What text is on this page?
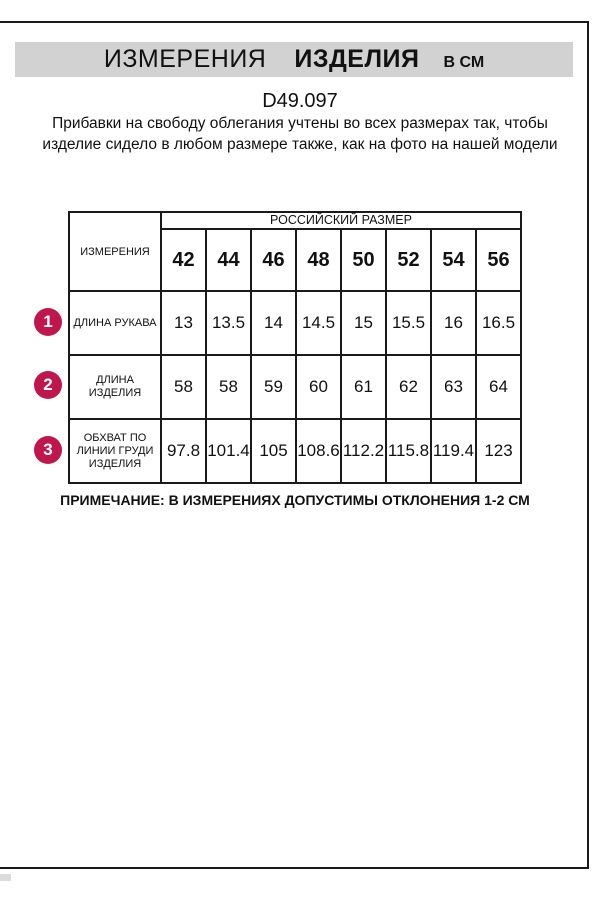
ИЗМЕРЕНИЯ ИЗДЕЛИЯ В СМ
D49.097
Прибавки на свободу облегания учтены во всех размерах так, чтобы изделие сидело в любом размере также, как на фото на нашей модели
ИЗМЕРЕНИЯ	РОССИЙСКИЙ РАЗМЕР							
	42	44	46	48	50	52	54	56
ДЛИНА РУКАВА	13	13.5	14	14.5	15	15.5	16	16.5
ДЛИНА ИЗДЕЛИЯ	58	58	59	60	61	62	63	64
ОБХВАТ ПО ЛИНИИ ГРУДИ ИЗДЕЛИЯ	97.8	101.4	105	108.6	112.2	115.8	119.4	123
1
2
3
ПРИМЕЧАНИЕ: В ИЗМЕРЕНИЯХ ДОПУСТИМЫ ОТКЛОНЕНИЯ 1-2 СМ
